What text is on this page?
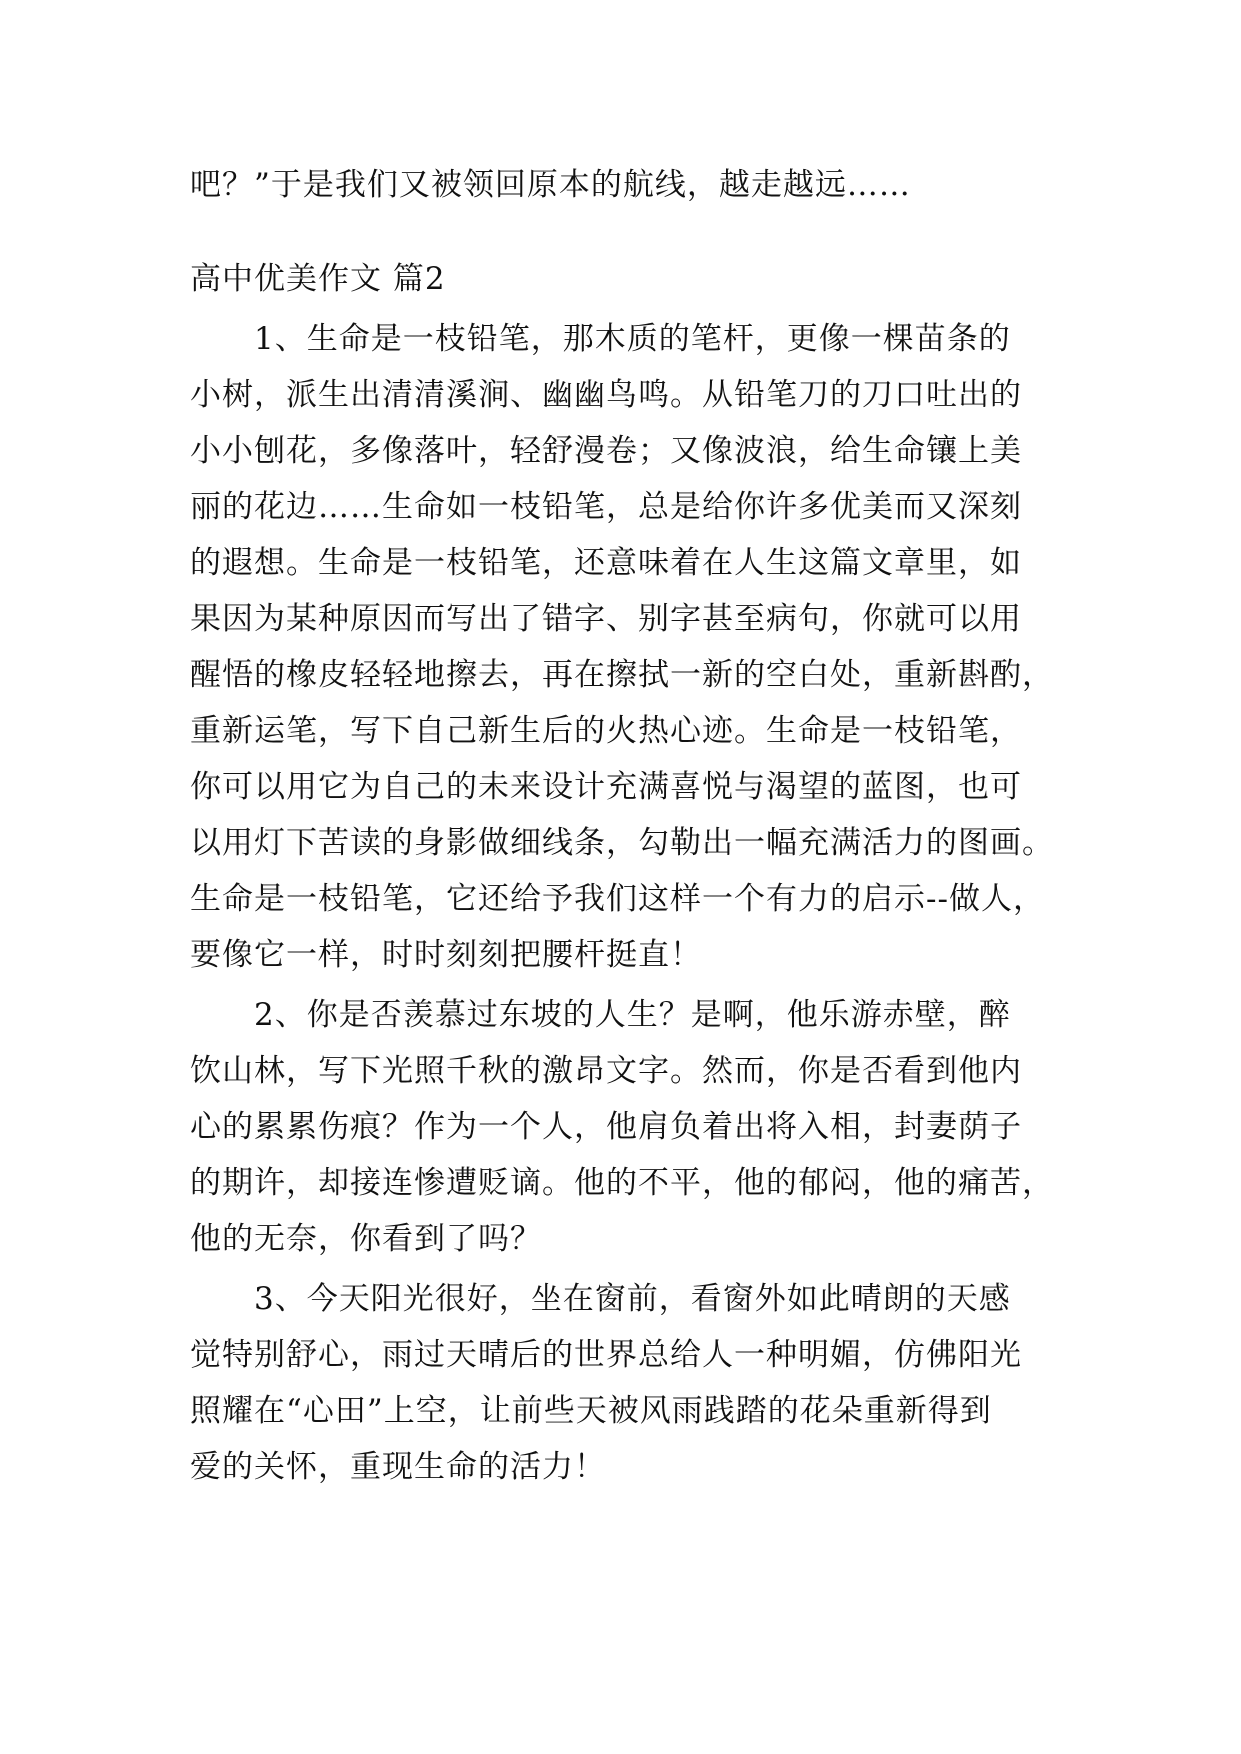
吧？”于是我们又被领回原本的航线，越走越远……

高中优美作文 篇2

　　1、生命是一枝铅笔，那木质的笔杆，更像一棵苗条的

小树，派生出清清溪涧、幽幽鸟鸣。从铅笔刀的刀口吐出的

小小刨花，多像落叶，轻舒漫卷；又像波浪，给生命镶上美

丽的花边……生命如一枝铅笔，总是给你许多优美而又深刻

的遐想。生命是一枝铅笔，还意味着在人生这篇文章里，如

果因为某种原因而写出了错字、别字甚至病句，你就可以用

醒悟的橡皮轻轻地擦去，再在擦拭一新的空白处，重新斟酌，

重新运笔，写下自己新生后的火热心迹。生命是一枝铅笔，

你可以用它为自己的未来设计充满喜悦与渴望的蓝图，也可

以用灯下苦读的身影做细线条，勾勒出一幅充满活力的图画。

生命是一枝铅笔，它还给予我们这样一个有力的启示--做人，

要像它一样，时时刻刻把腰杆挺直！

　　2、你是否羡慕过东坡的人生？是啊，他乐游赤壁，醉

饮山林，写下光照千秋的激昂文字。然而，你是否看到他内

心的累累伤痕？作为一个人，他肩负着出将入相，封妻荫子

的期许，却接连惨遭贬谪。他的不平，他的郁闷，他的痛苦，

他的无奈，你看到了吗？

　　3、今天阳光很好，坐在窗前，看窗外如此晴朗的天感

觉特别舒心，雨过天晴后的世界总给人一种明媚，仿佛阳光

照耀在“心田”上空，让前些天被风雨践踏的花朵重新得到

爱的关怀，重现生命的活力！
